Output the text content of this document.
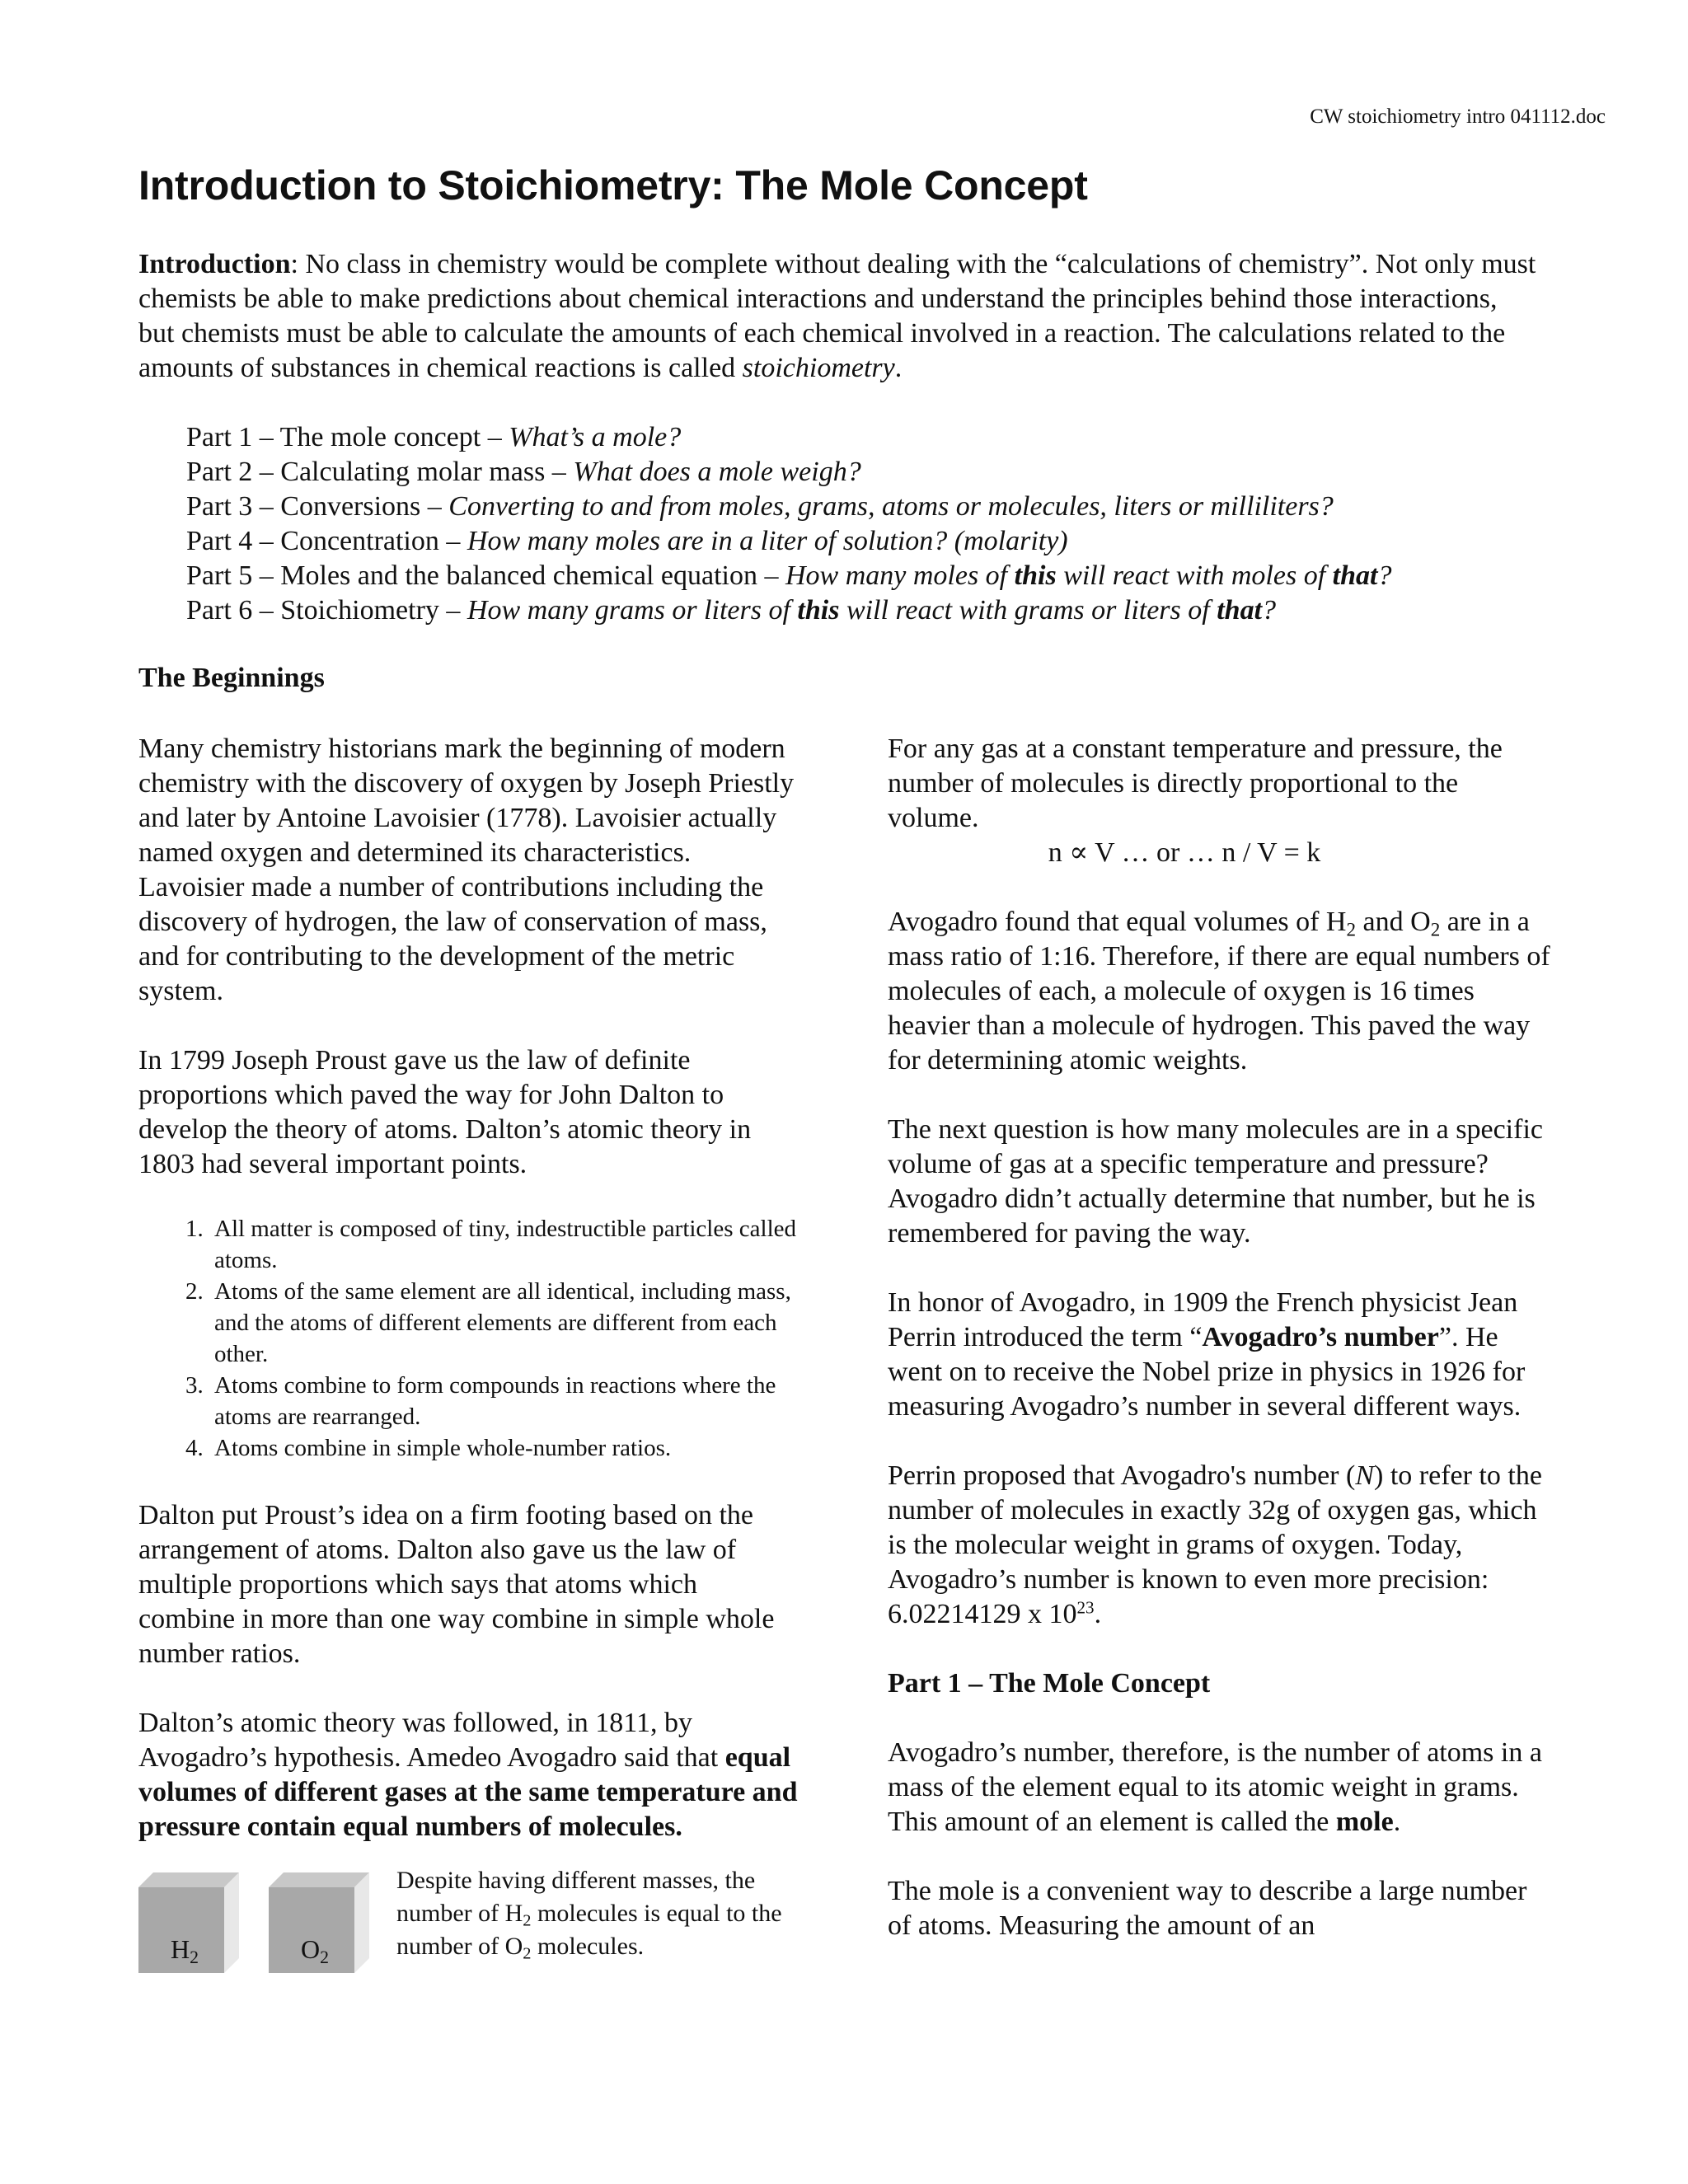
CW stoichiometry intro 041112.doc
Introduction to Stoichiometry: The Mole Concept

Introduction: No class in chemistry would be complete without dealing with the “calculations of chemistry”. Not only must chemists be able to make predictions about chemical interactions and understand the principles behind those interactions, but chemists must be able to calculate the amounts of each chemical involved in a reaction. The calculations related to the amounts of substances in chemical reactions is called stoichiometry.

Part 1 – The mole concept – What’s a mole?
Part 2 – Calculating molar mass – What does a mole weigh?
Part 3 – Conversions – Converting to and from moles, grams, atoms or molecules, liters or milliliters?
Part 4 – Concentration – How many moles are in a liter of solution? (molarity)
Part 5 – Moles and the balanced chemical equation – How many moles of this will react with moles of that?
Part 6 – Stoichiometry – How many grams or liters of this will react with grams or liters of that?
The Beginnings

Many chemistry historians mark the beginning of modern chemistry with the discovery of oxygen by Joseph Priestly and later by Antoine Lavoisier (1778). Lavoisier actually named oxygen and determined its characteristics. Lavoisier made a number of contributions including the discovery of hydrogen, the law of conservation of mass, and for contributing to the development of the metric system.

In 1799 Joseph Proust gave us the law of definite proportions which paved the way for John Dalton to develop the theory of atoms. Dalton’s atomic theory in 1803 had several important points.

1. All matter is composed of tiny, indestructible particles called atoms.
2. Atoms of the same element are all identical, including mass, and the atoms of different elements are different from each other.
3. Atoms combine to form compounds in reactions where the atoms are rearranged.
4. Atoms combine in simple whole-number ratios.

Dalton put Proust’s idea on a firm footing based on the arrangement of atoms. Dalton also gave us the law of multiple proportions which says that atoms which combine in more than one way combine in simple whole number ratios.

Dalton’s atomic theory was followed, in 1811, by Avogadro’s hypothesis. Amedeo Avogadro said that equal volumes of different gases at the same temperature and pressure contain equal numbers of molecules.

$H_2$	$O_2$
Despite having different masses, the number of $H_2$ molecules is equal to the number of $O_2$ molecules.

For any gas at a constant temperature and pressure, the number of molecules is directly proportional to the volume.

n ∝ V … or … n / V = k

Avogadro found that equal volumes of $H_2$ and $O_2$ are in a mass ratio of 1:16. Therefore, if there are equal numbers of molecules of each, a molecule of oxygen is 16 times heavier than a molecule of hydrogen. This paved the way for determining atomic weights.

The next question is how many molecules are in a specific volume of gas at a specific temperature and pressure? Avogadro didn’t actually determine that number, but he is remembered for paving the way.

In honor of Avogadro, in 1909 the French physicist Jean Perrin introduced the term “Avogadro’s number”. He went on to receive the Nobel prize in physics in 1926 for measuring Avogadro’s number in several different ways.

Perrin proposed that Avogadro's number (N) to refer to the number of molecules in exactly 32g of oxygen gas, which is the molecular weight in grams of oxygen. Today, Avogadro’s number is known to even more precision: 6.02214129 x $10^{23}$.

Part 1 – The Mole Concept

Avogadro’s number, therefore, is the number of atoms in a mass of the element equal to its atomic weight in grams. This amount of an element is called the mole.

The mole is a convenient way to describe a large number of atoms. Measuring the amount of an
